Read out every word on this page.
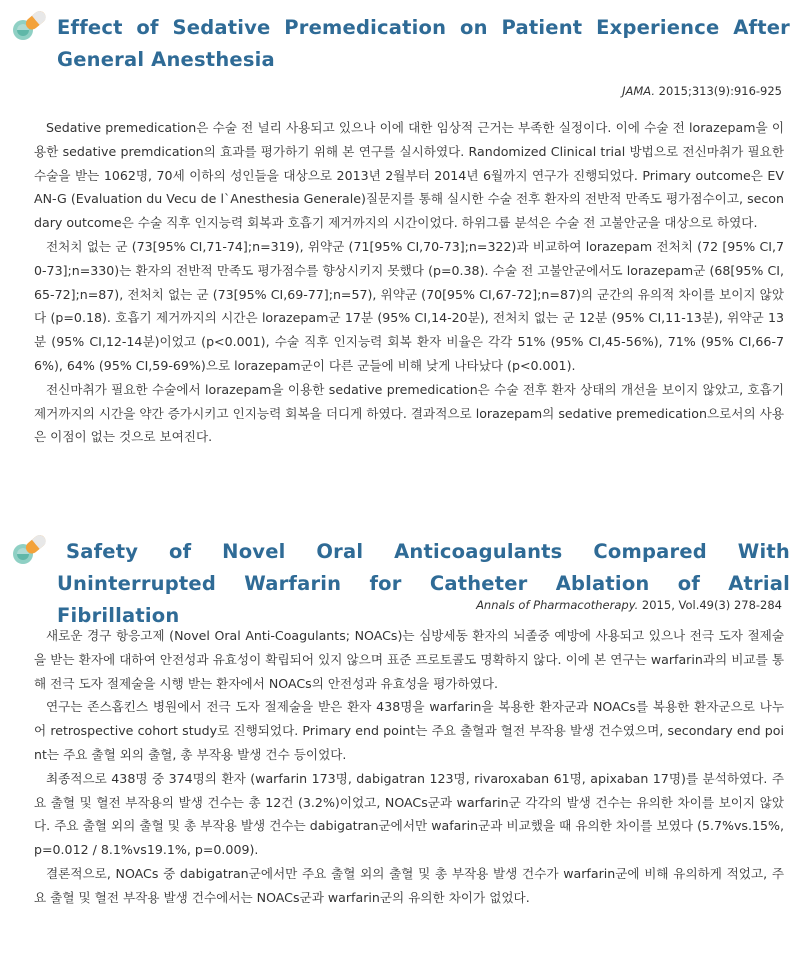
Effect of Sedative Premedication on Patient Experience After General Anesthesia
JAMA. 2015;313(9):916-925

Sedative premedication은 수술 전 널리 사용되고 있으나 이에 대한 임상적 근거는 부족한 실정이다. 이에 수술 전 lorazepam을 이용한 sedative premdication의 효과를 평가하기 위해 본 연구를 실시하였다. Randomized Clinical trial 방법으로 전신마취가 필요한 수술을 받는 1062명, 70세 이하의 성인들을 대상으로 2013년 2월부터 2014년 6월까지 연구가 진행되었다. Primary outcome은 EVAN-G (Evaluation du Vecu de l`Anesthesia Generale)질문지를 통해 실시한 수술 전후 환자의 전반적 만족도 평가점수이고, secondary outcome은 수술 직후 인지능력 회복과 호흡기 제거까지의 시간이었다. 하위그룹 분석은 수술 전 고불안군을 대상으로 하였다.

전처치 없는 군 (73[95% CI,71-74];n=319), 위약군 (71[95% CI,70-73];n=322)과 비교하여 lorazepam 전처치 (72 [95% CI,70-73];n=330)는 환자의 전반적 만족도 평가점수를 향상시키지 못했다 (p=0.38). 수술 전 고불안군에서도 lorazepam군 (68[95% CI,65-72];n=87), 전처치 없는 군 (73[95% CI,69-77];n=57), 위약군 (70[95% CI,67-72];n=87)의 군간의 유의적 차이를 보이지 않았다 (p=0.18). 호흡기 제거까지의 시간은 lorazepam군 17분 (95% CI,14-20분), 전처치 없는 군 12분 (95% CI,11-13분), 위약군 13분 (95% CI,12-14분)이었고 (p<0.001), 수술 직후 인지능력 회복 환자 비율은 각각 51% (95% CI,45-56%), 71% (95% CI,66-76%), 64% (95% CI,59-69%)으로 lorazepam군이 다른 군들에 비해 낮게 나타났다 (p<0.001).

전신마취가 필요한 수술에서 lorazepam을 이용한 sedative premedication은 수술 전후 환자 상태의 개선을 보이지 않았고, 호흡기 제거까지의 시간을 약간 증가시키고 인지능력 회복을 더디게 하였다. 결과적으로 lorazepam의 sedative premedication으로서의 사용은 이점이 없는 것으로 보여진다.

Safety of Novel Oral Anticoagulants Compared With Uninterrupted Warfarin for Catheter Ablation of Atrial Fibrillation	Annals of Pharmacotherapy. 2015, Vol.49(3) 278-284

새로운 경구 항응고제 (Novel Oral Anti-Coagulants; NOACs)는 심방세동 환자의 뇌졸중 예방에 사용되고 있으나 전극 도자 절제술을 받는 환자에 대하여 안전성과 유효성이 확립되어 있지 않으며 표준 프로토콜도 명확하지 않다. 이에 본 연구는 warfarin과의 비교를 통해 전극 도자 절제술을 시행 받는 환자에서 NOACs의 안전성과 유효성을 평가하였다.

연구는 존스홉킨스 병원에서 전극 도자 절제술을 받은 환자 438명을 warfarin을 복용한 환자군과 NOACs를 복용한 환자군으로 나누어 retrospective cohort study로 진행되었다. Primary end point는 주요 출혈과 혈전 부작용 발생 건수였으며, secondary end point는 주요 출혈 외의 출혈, 총 부작용 발생 건수 등이었다.

최종적으로 438명 중 374명의 환자 (warfarin 173명, dabigatran 123명, rivaroxaban 61명, apixaban 17명)를 분석하였다. 주요 출혈 및 혈전 부작용의 발생 건수는 총 12건 (3.2%)이었고, NOACs군과 warfarin군 각각의 발생 건수는 유의한 차이를 보이지 않았다. 주요 출혈 외의 출혈 및 총 부작용 발생 건수는 dabigatran군에서만 wafarin군과 비교했을 때 유의한 차이를 보였다 (5.7%vs.15%, p=0.012 / 8.1%vs19.1%, p=0.009).

결론적으로, NOACs 중 dabigatran군에서만 주요 출혈 외의 출혈 및 총 부작용 발생 건수가 warfarin군에 비해 유의하게 적었고, 주요 출혈 및 혈전 부작용 발생 건수에서는 NOACs군과 warfarin군의 유의한 차이가 없었다.
